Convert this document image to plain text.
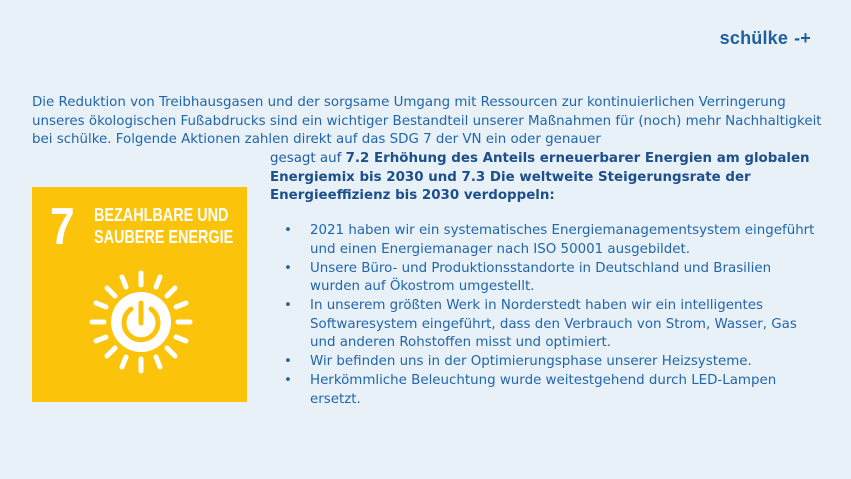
schülke -+

Die Reduktion von Treibhausgasen und der sorgsame Umgang mit Ressourcen zur kontinuierlichen Verringerung unseres ökologischen Fußabdrucks sind ein wichtiger Bestandteil unserer Maßnahmen für (noch) mehr Nachhaltigkeit bei schülke. Folgende Aktionen zahlen direkt auf das SDG 7 der VN ein oder genauer

gesagt auf 7.2 Erhöhung des Anteils erneuerbarer Energien am globalen Energiemix bis 2030 und 7.3 Die weltweite Steigerungsrate der Energieeffizienz bis 2030 verdoppeln:

7 BEZAHLBARE UND
SAUBERE ENERGIE
•	2021 haben wir ein systematisches Energiemanagementsystem eingeführt und einen Energiemanager nach ISO 50001 ausgebildet.
• Unsere Büro- und Produktionsstandorte in Deutschland und Brasilien wurden auf Ökostrom umgestellt.
• In unserem größten Werk in Norderstedt haben wir ein intelligentes Softwaresystem eingeführt, dass den Verbrauch von Strom, Wasser, Gas und anderen Rohstoffen misst und optimiert.
• Wir befinden uns in der Optimierungsphase unserer Heizsysteme.
• Herkömmliche Beleuchtung wurde weitestgehend durch LED-Lampen ersetzt.
